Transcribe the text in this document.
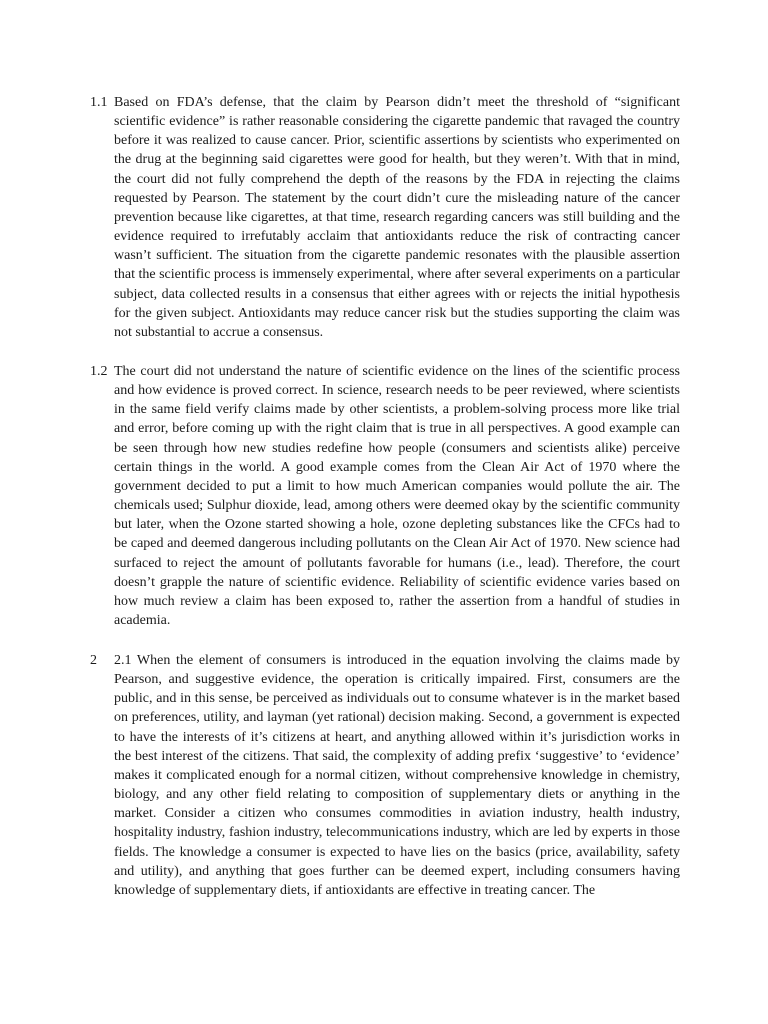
1.1 Based on FDA’s defense, that the claim by Pearson didn’t meet the threshold of “significant scientific evidence” is rather reasonable considering the cigarette pandemic that ravaged the country before it was realized to cause cancer. Prior, scientific assertions by scientists who experimented on the drug at the beginning said cigarettes were good for health, but they weren’t. With that in mind, the court did not fully comprehend the depth of the reasons by the FDA in rejecting the claims requested by Pearson. The statement by the court didn’t cure the misleading nature of the cancer prevention because like cigarettes, at that time, research regarding cancers was still building and the evidence required to irrefutably acclaim that antioxidants reduce the risk of contracting cancer wasn’t sufficient. The situation from the cigarette pandemic resonates with the plausible assertion that the scientific process is immensely experimental, where after several experiments on a particular subject, data collected results in a consensus that either agrees with or rejects the initial hypothesis for the given subject. Antioxidants may reduce cancer risk but the studies supporting the claim was not substantial to accrue a consensus.
1.2 The court did not understand the nature of scientific evidence on the lines of the scientific process and how evidence is proved correct. In science, research needs to be peer reviewed, where scientists in the same field verify claims made by other scientists, a problem-solving process more like trial and error, before coming up with the right claim that is true in all perspectives. A good example can be seen through how new studies redefine how people (consumers and scientists alike) perceive certain things in the world. A good example comes from the Clean Air Act of 1970 where the government decided to put a limit to how much American companies would pollute the air. The chemicals used; Sulphur dioxide, lead, among others were deemed okay by the scientific community but later, when the Ozone started showing a hole, ozone depleting substances like the CFCs had to be caped and deemed dangerous including pollutants on the Clean Air Act of 1970. New science had surfaced to reject the amount of pollutants favorable for humans (i.e., lead). Therefore, the court doesn’t grapple the nature of scientific evidence. Reliability of scientific evidence varies based on how much review a claim has been exposed to, rather the assertion from a handful of studies in academia.
2	2.1 When the element of consumers is introduced in the equation involving the claims made by Pearson, and suggestive evidence, the operation is critically impaired. First, consumers are the public, and in this sense, be perceived as individuals out to consume whatever is in the market based on preferences, utility, and layman (yet rational) decision making. Second, a government is expected to have the interests of it’s citizens at heart, and anything allowed within it’s jurisdiction works in the best interest of the citizens. That said, the complexity of adding prefix ‘suggestive’ to ‘evidence’ makes it complicated enough for a normal citizen, without comprehensive knowledge in chemistry, biology, and any other field relating to composition of supplementary diets or anything in the market. Consider a citizen who consumes commodities in aviation industry, health industry, hospitality industry, fashion industry, telecommunications industry, which are led by experts in those fields. The knowledge a consumer is expected to have lies on the basics (price, availability, safety and utility), and anything that goes further can be deemed expert, including consumers having knowledge of supplementary diets, if antioxidants are effective in treating cancer. The
